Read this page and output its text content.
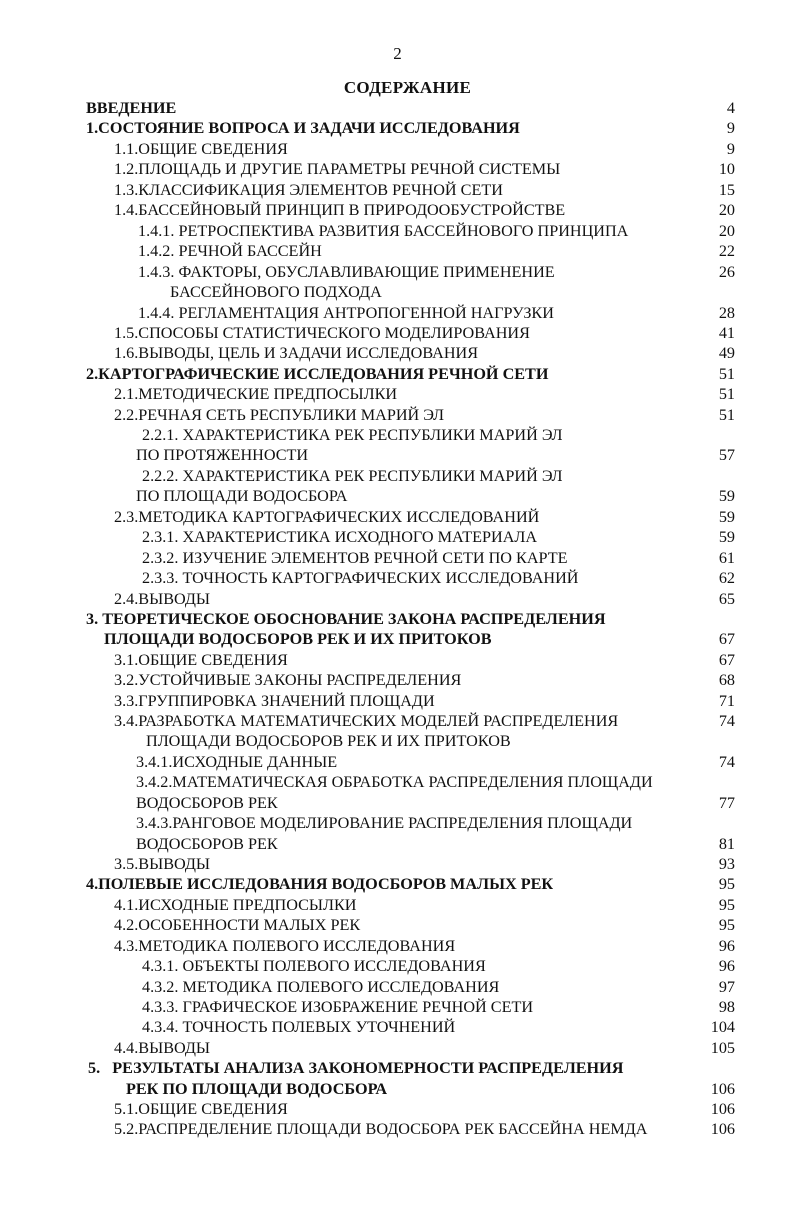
2
СОДЕРЖАНИЕ
ВВЕДЕНИЕ	4
1.СОСТОЯНИЕ ВОПРОСА И ЗАДАЧИ ИССЛЕДОВАНИЯ	9
1.1.ОБЩИЕ СВЕДЕНИЯ	9
1.2.ПЛОЩАДЬ И ДРУГИЕ ПАРАМЕТРЫ РЕЧНОЙ СИСТЕМЫ	10
1.3.КЛАССИФИКАЦИЯ ЭЛЕМЕНТОВ РЕЧНОЙ СЕТИ	15
1.4.БАССЕЙНОВЫЙ ПРИНЦИП В ПРИРОДООБУСТРОЙСТВЕ	20
1.4.1. РЕТРОСПЕКТИВА РАЗВИТИЯ БАССЕЙНОВОГО ПРИНЦИПА	20
1.4.2. РЕЧНОЙ БАССЕЙН	22
1.4.3. ФАКТОРЫ, ОБУСЛАВЛИВАЮЩИЕ ПРИМЕНЕНИЕ	26
БАССЕЙНОВОГО ПОДХОДА
1.4.4. РЕГЛАМЕНТАЦИЯ АНТРОПОГЕННОЙ НАГРУЗКИ	28
1.5.СПОСОБЫ СТАТИСТИЧЕСКОГО МОДЕЛИРОВАНИЯ	41
1.6.ВЫВОДЫ, ЦЕЛЬ И ЗАДАЧИ ИССЛЕДОВАНИЯ	49
2.КАРТОГРАФИЧЕСКИЕ ИССЛЕДОВАНИЯ РЕЧНОЙ СЕТИ	51
2.1.МЕТОДИЧЕСКИЕ ПРЕДПОСЫЛКИ	51
2.2.РЕЧНАЯ СЕТЬ РЕСПУБЛИКИ МАРИЙ ЭЛ	51
2.2.1. ХАРАКТЕРИСТИКА РЕК РЕСПУБЛИКИ МАРИЙ ЭЛ
ПО ПРОТЯЖЕННОСТИ	57
2.2.2. ХАРАКТЕРИСТИКА РЕК РЕСПУБЛИКИ МАРИЙ ЭЛ
ПО ПЛОЩАДИ ВОДОСБОРА	59
2.3.МЕТОДИКА КАРТОГРАФИЧЕСКИХ ИССЛЕДОВАНИЙ	59
2.3.1. ХАРАКТЕРИСТИКА ИСХОДНОГО МАТЕРИАЛА	59
2.3.2. ИЗУЧЕНИЕ ЭЛЕМЕНТОВ РЕЧНОЙ СЕТИ ПО КАРТЕ	61
2.3.3. ТОЧНОСТЬ КАРТОГРАФИЧЕСКИХ ИССЛЕДОВАНИЙ	62
2.4.ВЫВОДЫ	65
3. ТЕОРЕТИЧЕСКОЕ ОБОСНОВАНИЕ ЗАКОНА РАСПРЕДЕЛЕНИЯ
ПЛОЩАДИ ВОДОСБОРОВ РЕК И ИХ ПРИТОКОВ	67
3.1.ОБЩИЕ СВЕДЕНИЯ	67
3.2.УСТОЙЧИВЫЕ ЗАКОНЫ РАСПРЕДЕЛЕНИЯ	68
3.3.ГРУППИРОВКА ЗНАЧЕНИЙ ПЛОЩАДИ	71
3.4.РАЗРАБОТКА МАТЕМАТИЧЕСКИХ МОДЕЛЕЙ РАСПРЕДЕЛЕНИЯ	74
ПЛОЩАДИ ВОДОСБОРОВ РЕК И ИХ ПРИТОКОВ
3.4.1.ИСХОДНЫЕ ДАННЫЕ	74
3.4.2.МАТЕМАТИЧЕСКАЯ ОБРАБОТКА РАСПРЕДЕЛЕНИЯ ПЛОЩАДИ
ВОДОСБОРОВ РЕК	77
3.4.3.РАНГОВОЕ МОДЕЛИРОВАНИЕ РАСПРЕДЕЛЕНИЯ ПЛОЩАДИ
ВОДОСБОРОВ РЕК	81
3.5.ВЫВОДЫ	93
4.ПОЛЕВЫЕ ИССЛЕДОВАНИЯ ВОДОСБОРОВ МАЛЫХ РЕК	95
4.1.ИСХОДНЫЕ ПРЕДПОСЫЛКИ	95
4.2.ОСОБЕННОСТИ МАЛЫХ РЕК	95
4.3.МЕТОДИКА ПОЛЕВОГО ИССЛЕДОВАНИЯ	96
4.3.1. ОБЪЕКТЫ ПОЛЕВОГО ИССЛЕДОВАНИЯ	96
4.3.2. МЕТОДИКА ПОЛЕВОГО ИССЛЕДОВАНИЯ	97
4.3.3. ГРАФИЧЕСКОЕ ИЗОБРАЖЕНИЕ РЕЧНОЙ СЕТИ	98
4.3.4. ТОЧНОСТЬ ПОЛЕВЫХ УТОЧНЕНИЙ	104
4.4.ВЫВОДЫ	105
5.   РЕЗУЛЬТАТЫ АНАЛИЗА ЗАКОНОМЕРНОСТИ РАСПРЕДЕЛЕНИЯ
РЕК ПО ПЛОЩАДИ ВОДОСБОРА	106
5.1.ОБЩИЕ СВЕДЕНИЯ	106
5.2.РАСПРЕДЕЛЕНИЕ ПЛОЩАДИ ВОДОСБОРА РЕК БАССЕЙНА НЕМДА	106
